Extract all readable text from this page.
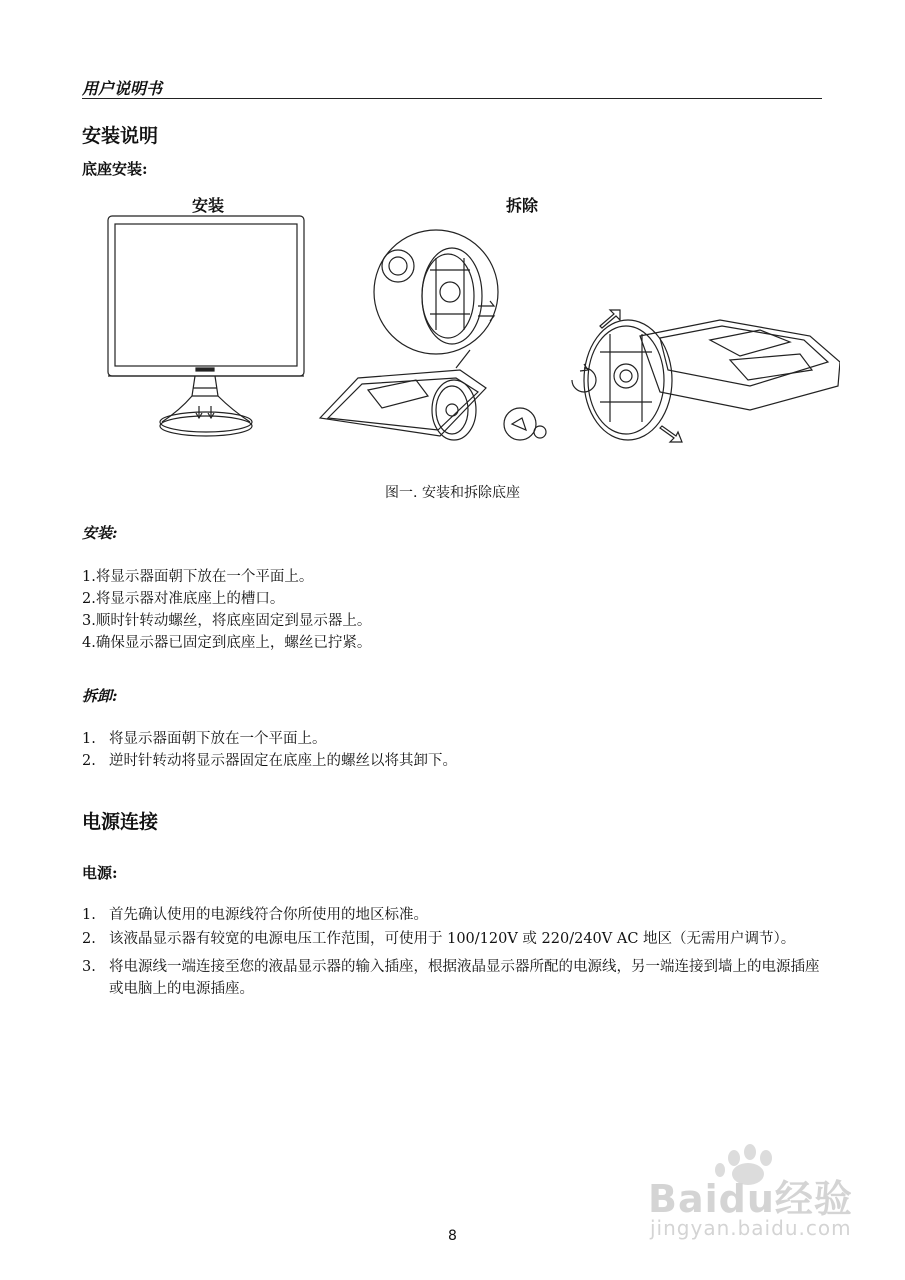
用户说明书
安装说明
底座安装:
安装	拆除
图一. 安装和拆除底座
安装:
1.将显示器面朝下放在一个平面上。
2.将显示器对准底座上的槽口。
3.顺时针转动螺丝，将底座固定到显示器上。
4.确保显示器已固定到底座上，螺丝已拧紧。
拆卸:
1. 将显示器面朝下放在一个平面上。
2. 逆时针转动将显示器固定在底座上的螺丝以将其卸下。
电源连接
电源:
1. 首先确认使用的电源线符合你所使用的地区标准。
2. 该液晶显示器有较宽的电源电压工作范围，可使用于 100/120V 或 220/240V AC 地区（无需用户调节）。
3. 将电源线一端连接至您的液晶显示器的输入插座，根据液晶显示器所配的电源线，另一端连接到墙上的电源插座或电脑上的电源插座。
Baidu经验
jingyan.baidu.com
8
